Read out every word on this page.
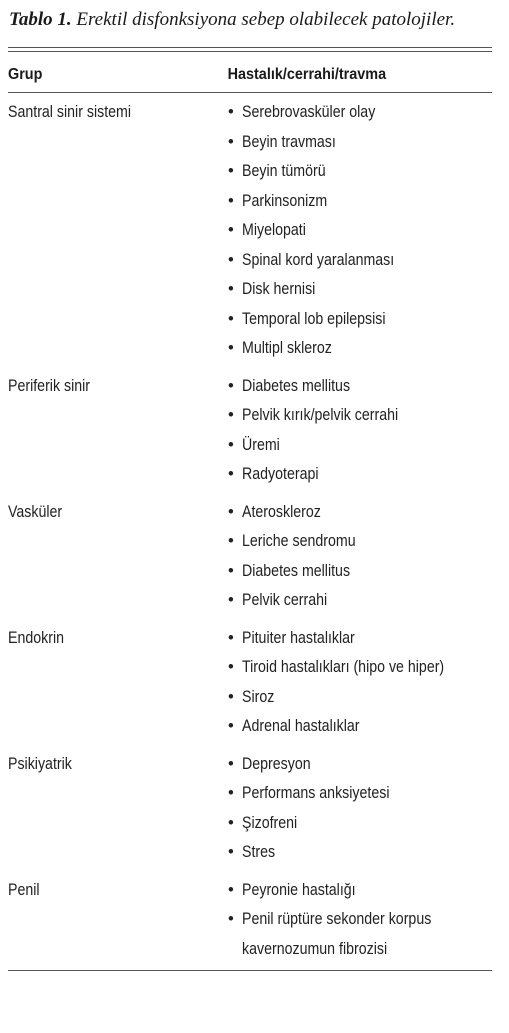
Tablo 1. Erektil disfonksiyona sebep olabilecek patolojiler.
Grup	Hastalık/cerrahi/travma
Santral sinir sistemi	• Serebrovasküler olay
• Beyin travması
• Beyin tümörü
• Parkinsonizm
• Miyelopati
• Spinal kord yaralanması
• Disk hernisi
• Temporal lob epilepsisi
• Multipl skleroz
Periferik sinir	• Diabetes mellitus
• Pelvik kırık/pelvik cerrahi
• Üremi
• Radyoterapi
Vasküler	• Ateroskleroz
• Leriche sendromu
• Diabetes mellitus
• Pelvik cerrahi
Endokrin	• Pituiter hastalıklar
• Tiroid hastalıkları (hipo ve hiper)
• Siroz
• Adrenal hastalıklar
Psikiyatrik	• Depresyon
• Performans anksiyetesi
• Şizofreni
• Stres
Penil	• Peyronie hastalığı
• Penil rüptüre sekonder korpus
kavernozumun fibrozisi
